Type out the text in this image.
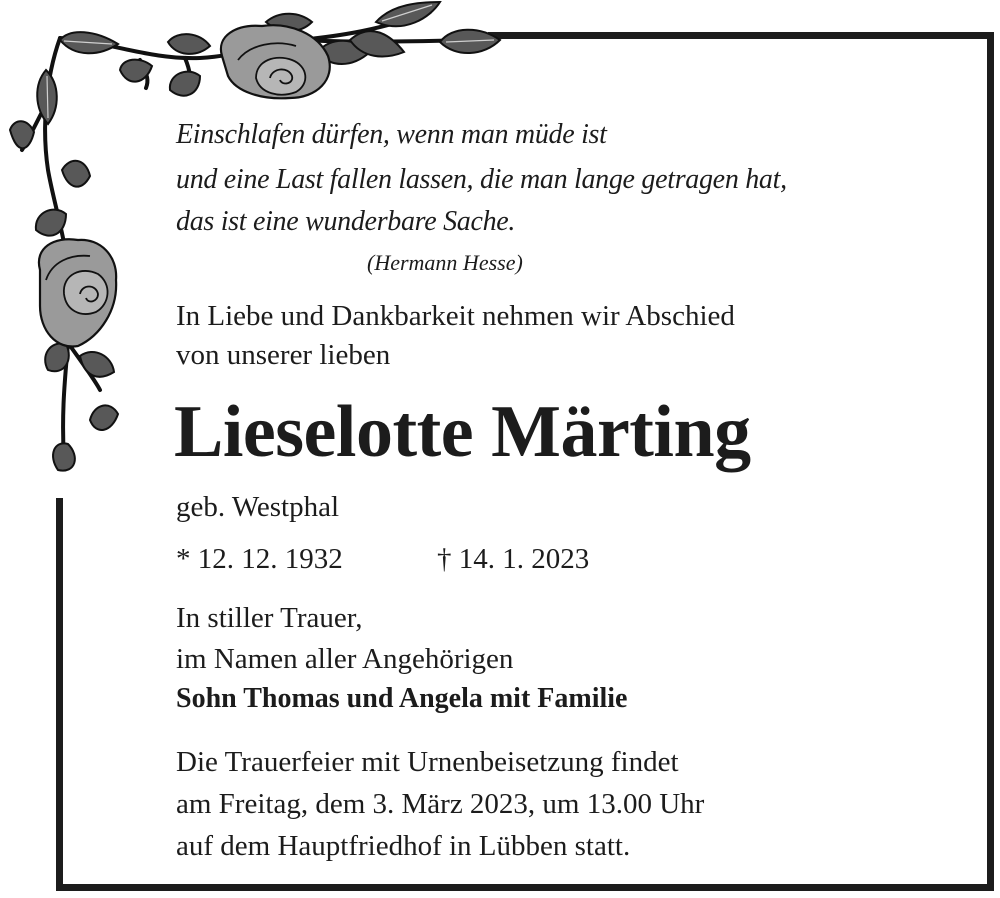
Einschlafen dürfen, wenn man müde ist
und eine Last fallen lassen, die man lange getragen hat,
das ist eine wunderbare Sache.
(Hermann Hesse)
In Liebe und Dankbarkeit nehmen wir Abschied
von unserer lieben
Lieselotte Märting
geb. Westphal
* 12. 12. 1932	† 14. 1. 2023
In stiller Trauer,
im Namen aller Angehörigen
Sohn Thomas und Angela mit Familie
Die Trauerfeier mit Urnenbeisetzung findet
am Freitag, dem 3. März 2023, um 13.00 Uhr
auf dem Hauptfriedhof in Lübben statt.
